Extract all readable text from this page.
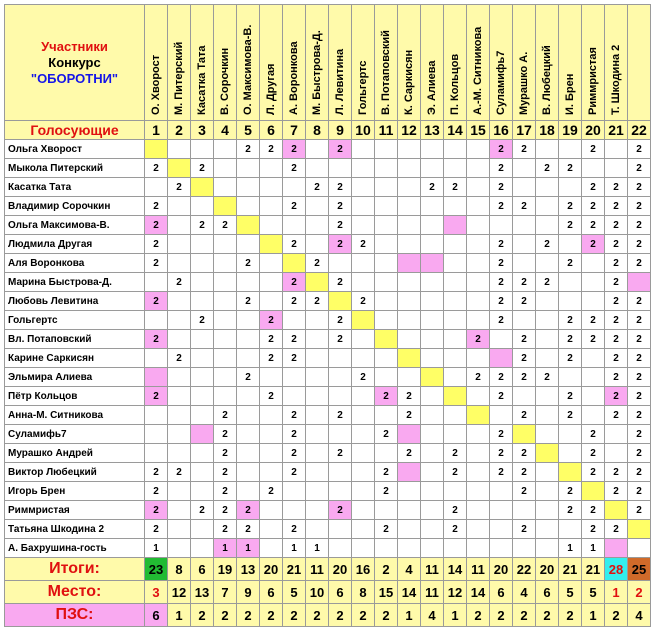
Участники
Конкурс
"ОБОРОТНИ"	О. Хворост	М. Питерский	Касатка Тата	В. Сорочкин	О. Максимова-В.	Л. Другая	А. Воронкова	М. Быстрова-Д.	Л. Левитина	Гольгертс	В. Потаповский	К. Саркисян	Э. Алиева	П. Кольцов	А.-М. Ситникова	Суламифь7	Мурашко А.	В. Любецкий	И. Брен	Риммристая	Т. Шкодина 2	
Голосующие	1	2	3	4	5	6	7	8	9	10	11	12	13	14	15	16	17	18	19	20	21	22
Ольга Хворост					2	2	2		2							2	2			2		2
Мыкола Питерский	2		2				2									2		2	2			2
Касатка Тата		2						2	2				2	2		2				2	2	2
Владимир Сорочкин	2						2		2							2	2		2	2	2	2
Ольга Максимова-В.	2		2	2					2										2	2	2	2
Людмила Другая	2						2		2	2						2		2		2	2	2
Аля Воронкова	2				2			2								2			2		2	2
Марина Быстрова-Д.		2					2		2							2	2	2			2	
Любовь Левитина	2				2		2	2		2						2	2				2	2
Гольгертс			2			2			2							2			2	2	2	2
Вл. Потаповский	2					2	2		2						2		2		2	2	2	2
Карине Саркисян		2				2	2										2		2		2	2
Эльмира Алиева					2					2					2	2	2	2			2	2
Пётр Кольцов	2					2					2	2				2			2		2	2
Анна-М. Ситникова				2			2		2			2					2		2		2	2
Суламифь7				2			2				2					2				2		2
Мурашко Андрей				2			2		2			2		2		2	2			2		2
Виктор Любецкий	2	2		2			2				2			2		2	2			2	2	2
Игорь Брен	2			2		2					2						2		2		2	2
Риммристая	2		2	2	2				2					2					2	2		2
Татьяна Шкодина 2	2			2	2		2				2			2			2			2	2	
А. Бахрушина-гость	1			1	1		1	1											1	1		
Итоги:	23	8	6	19	13	20	21	11	20	16	2	4	11	14	11	20	22	20	21	21	28	25
Место:	3	12	13	7	9	6	5	10	6	8	15	14	11	12	14	6	4	6	5	5	1	2
ПЗС:	6	1	2	2	2	2	2	2	2	2	2	1	4	1	2	2	2	2	2	1	2	4
